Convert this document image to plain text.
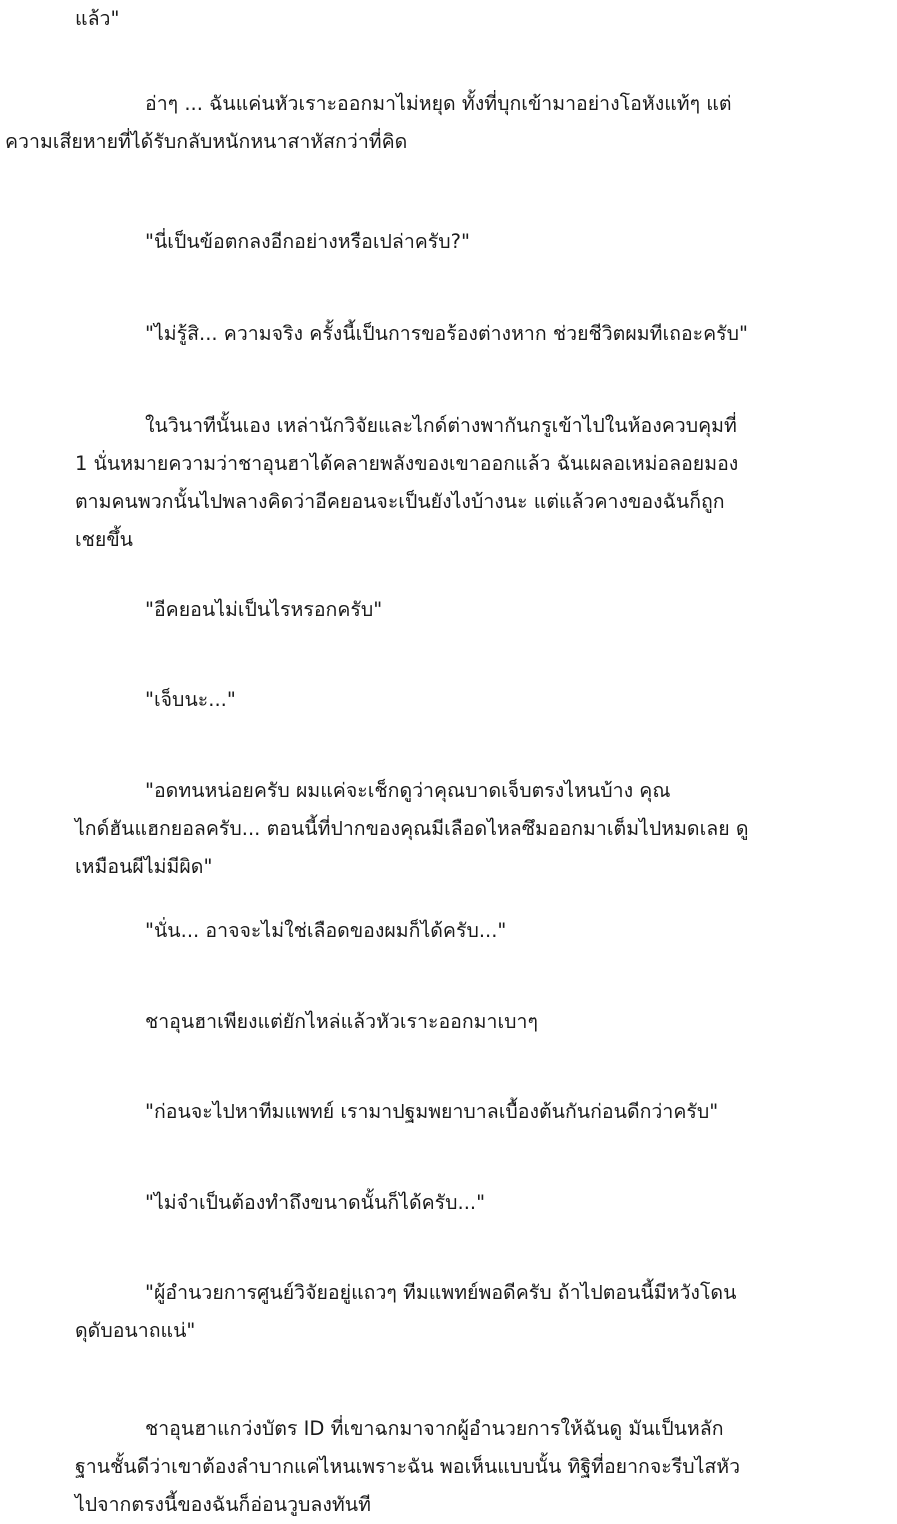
แล้ว"

อ่าๆ ... ฉันแค่นหัวเราะออกมาไม่หยุด ทั้งที่บุกเข้ามาอย่างโอหังแท้ๆ แต่
ความเสียหายที่ได้รับกลับหนักหนาสาหัสกว่าที่คิด

"นี่เป็นข้อตกลงอีกอย่างหรือเปล่าครับ?"

"ไม่รู้สิ... ความจริง ครั้งนี้เป็นการขอร้องต่างหาก ช่วยชีวิตผมทีเถอะครับ"

ในวินาทีนั้นเอง เหล่านักวิจัยและไกด์ต่างพากันกรูเข้าไปในห้องควบคุมที่
1 นั่นหมายความว่าชาอุนฮาได้คลายพลังของเขาออกแล้ว ฉันเผลอเหม่อลอยมอง
ตามคนพวกนั้นไปพลางคิดว่าอีคยอนจะเป็นยังไงบ้างนะ แต่แล้วคางของฉันก็ถูก
เชยขึ้น

"อีคยอนไม่เป็นไรหรอกครับ"

"เจ็บนะ..."

"อดทนหน่อยครับ ผมแค่จะเช็กดูว่าคุณบาดเจ็บตรงไหนบ้าง คุณ
ไกด์ฮันแฮกยอลครับ... ตอนนี้ที่ปากของคุณมีเลือดไหลซึมออกมาเต็มไปหมดเลย ดู
เหมือนผีไม่มีผิด"

"นั่น... อาจจะไม่ใช่เลือดของผมก็ได้ครับ..."

ชาอุนฮาเพียงแต่ยักไหล่แล้วหัวเราะออกมาเบาๆ

"ก่อนจะไปหาทีมแพทย์ เรามาปฐมพยาบาลเบื้องต้นกันก่อนดีกว่าครับ"

"ไม่จำเป็นต้องทำถึงขนาดนั้นก็ได้ครับ..."

"ผู้อำนวยการศูนย์วิจัยอยู่แถวๆ ทีมแพทย์พอดีครับ ถ้าไปตอนนี้มีหวังโดน
ดุดับอนาถแน่"

ชาอุนฮาแกว่งบัตร ID ที่เขาฉกมาจากผู้อำนวยการให้ฉันดู มันเป็นหลัก
ฐานชั้นดีว่าเขาต้องลำบากแค่ไหนเพราะฉัน พอเห็นแบบนั้น ทิฐิที่อยากจะรีบไสหัว
ไปจากตรงนี้ของฉันก็อ่อนวูบลงทันที
